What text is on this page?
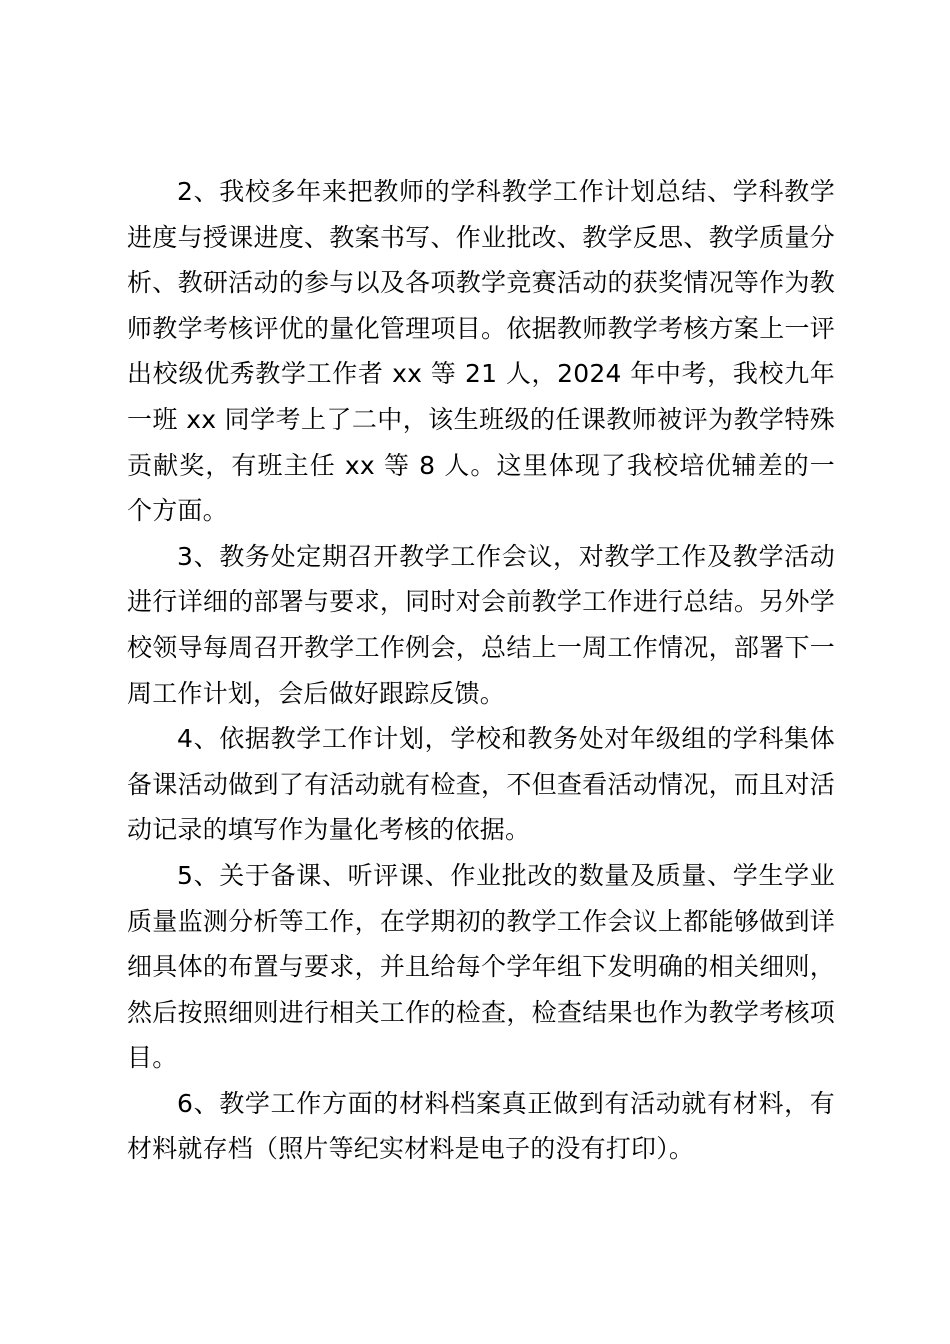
2、我校多年来把教师的学科教学工作计划总结、学科教学进度与授课进度、教案书写、作业批改、教学反思、教学质量分析、教研活动的参与以及各项教学竞赛活动的获奖情况等作为教师教学考核评优的量化管理项目。依据教师教学考核方案上一评出校级优秀教学工作者 xx 等 21 人，2024 年中考，我校九年一班 xx 同学考上了二中，该生班级的任课教师被评为教学特殊贡献奖，有班主任 xx 等 8 人。这里体现了我校培优辅差的一个方面。

3、教务处定期召开教学工作会议，对教学工作及教学活动进行详细的部署与要求，同时对会前教学工作进行总结。另外学校领导每周召开教学工作例会，总结上一周工作情况，部署下一周工作计划，会后做好跟踪反馈。

4、依据教学工作计划，学校和教务处对年级组的学科集体备课活动做到了有活动就有检查，不但查看活动情况，而且对活动记录的填写作为量化考核的依据。

5、关于备课、听评课、作业批改的数量及质量、学生学业质量监测分析等工作，在学期初的教学工作会议上都能够做到详细具体的布置与要求，并且给每个学年组下发明确的相关细则，然后按照细则进行相关工作的检查，检查结果也作为教学考核项目。

6、教学工作方面的材料档案真正做到有活动就有材料，有材料就存档（照片等纪实材料是电子的没有打印）。
